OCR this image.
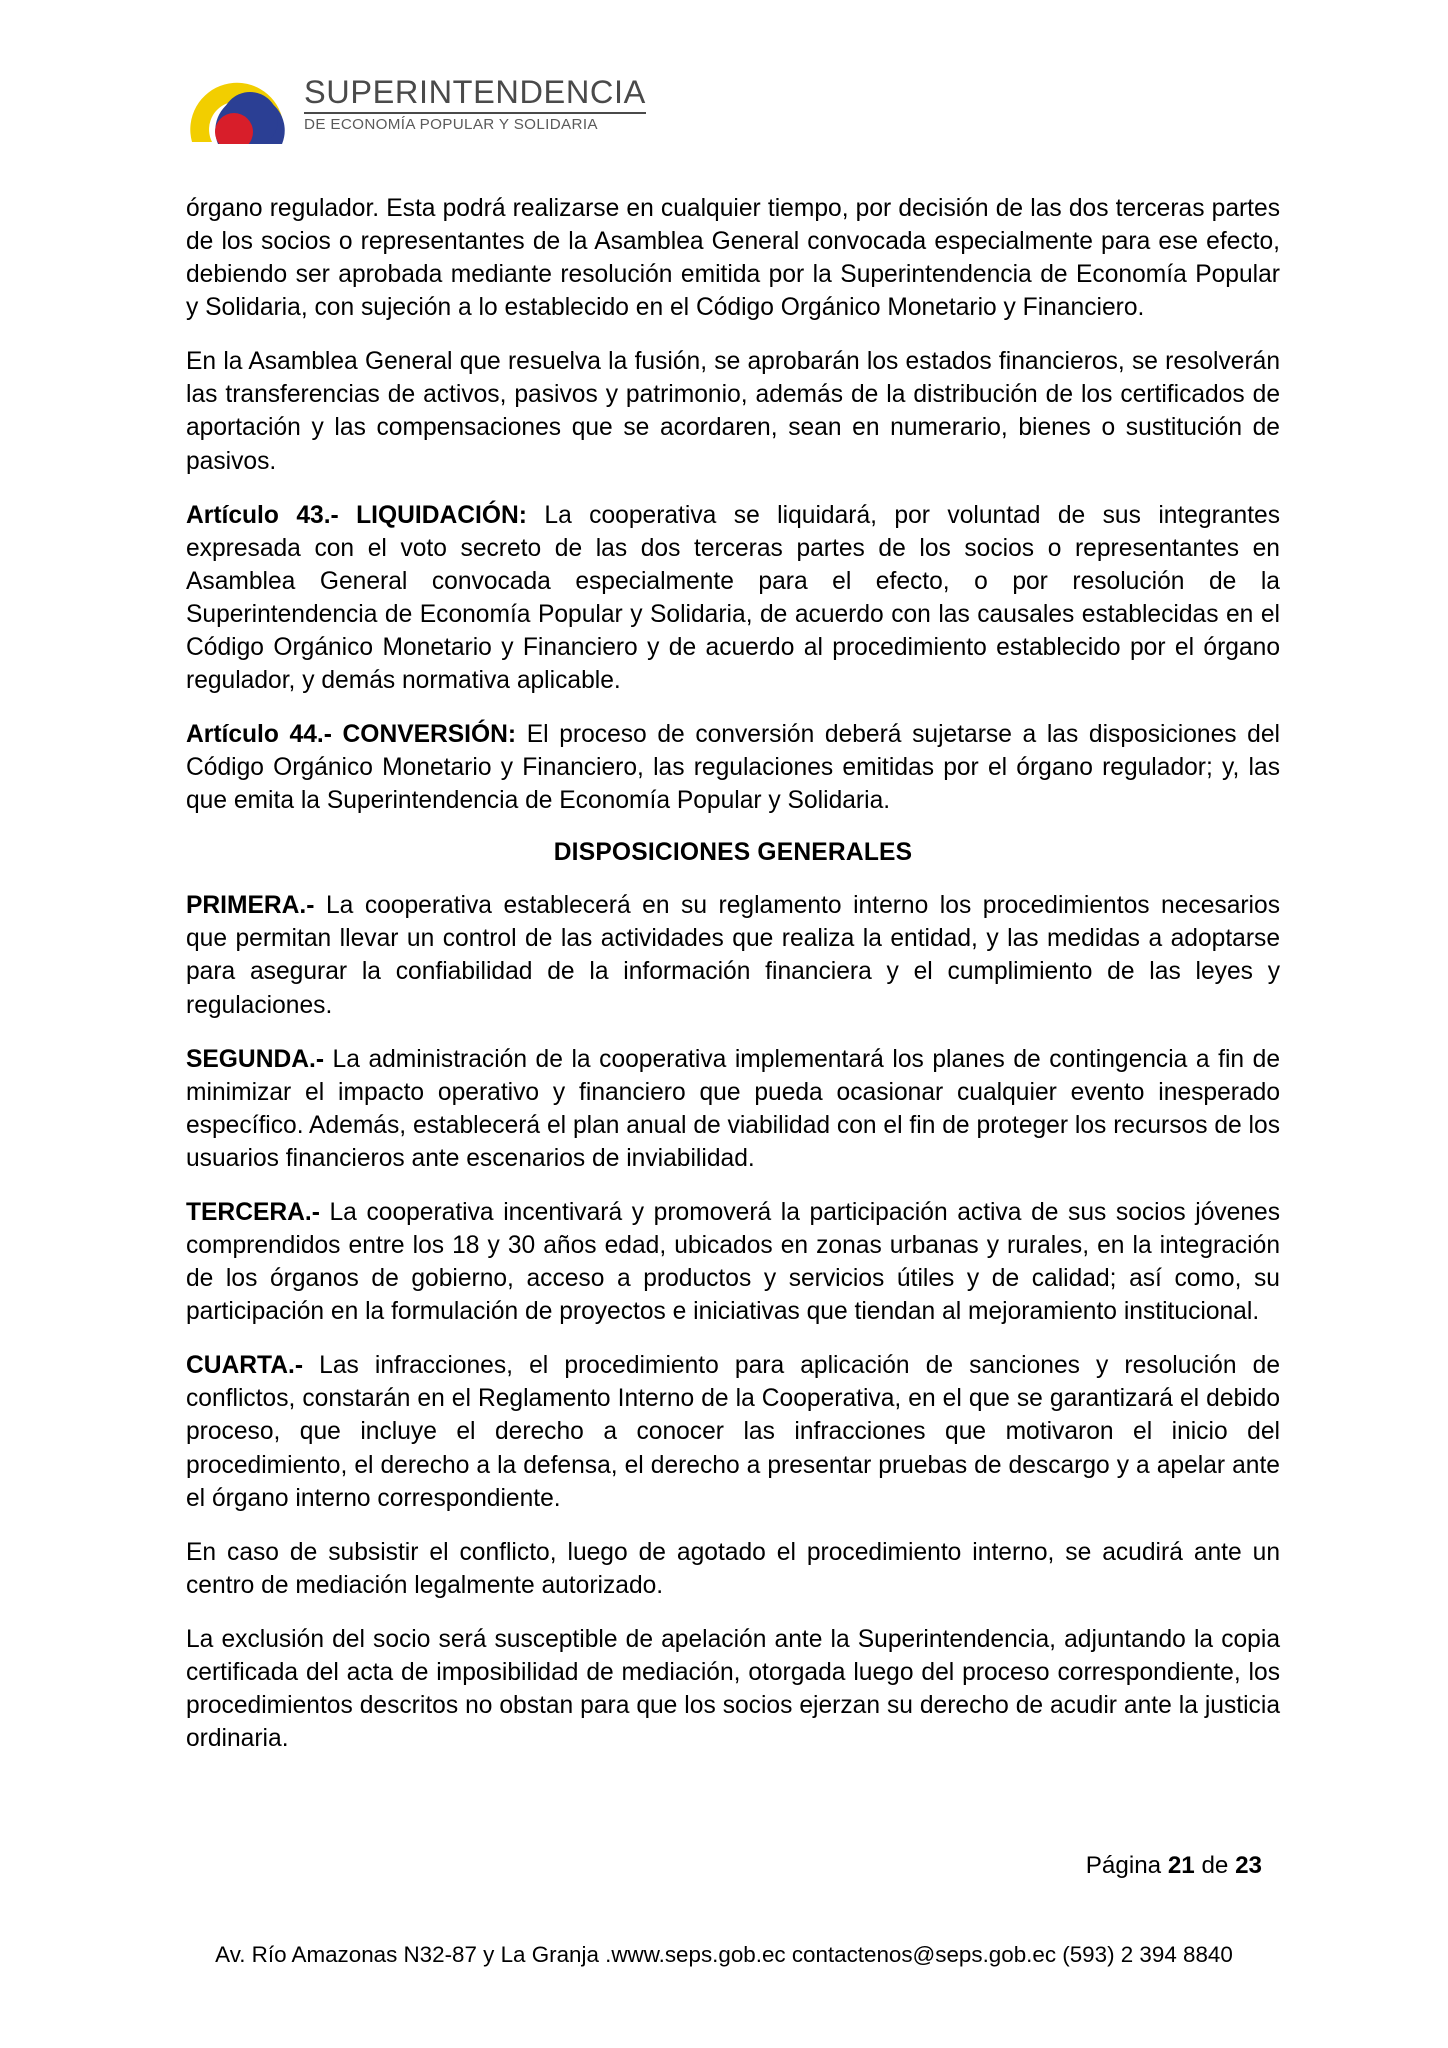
SUPERINTENDENCIA
DE ECONOMÍA POPULAR Y SOLIDARIA

órgano regulador. Esta podrá realizarse en cualquier tiempo, por decisión de las dos terceras partes de los socios o representantes de la Asamblea General convocada especialmente para ese efecto, debiendo ser aprobada mediante resolución emitida por la Superintendencia de Economía Popular y Solidaria, con sujeción a lo establecido en el Código Orgánico Monetario y Financiero.

En la Asamblea General que resuelva la fusión, se aprobarán los estados financieros, se resolverán las transferencias de activos, pasivos y patrimonio, además de la distribución de los certificados de aportación y las compensaciones que se acordaren, sean en numerario, bienes o sustitución de pasivos.

Artículo 43.- LIQUIDACIÓN: La cooperativa se liquidará, por voluntad de sus integrantes expresada con el voto secreto de las dos terceras partes de los socios o representantes en Asamblea General convocada especialmente para el efecto, o por resolución de la Superintendencia de Economía Popular y Solidaria, de acuerdo con las causales establecidas en el Código Orgánico Monetario y Financiero y de acuerdo al procedimiento establecido por el órgano regulador, y demás normativa aplicable.

Artículo 44.- CONVERSIÓN: El proceso de conversión deberá sujetarse a las disposiciones del Código Orgánico Monetario y Financiero, las regulaciones emitidas por el órgano regulador; y, las que emita la Superintendencia de Economía Popular y Solidaria.

DISPOSICIONES GENERALES

PRIMERA.- La cooperativa establecerá en su reglamento interno los procedimientos necesarios que permitan llevar un control de las actividades que realiza la entidad, y las medidas a adoptarse para asegurar la confiabilidad de la información financiera y el cumplimiento de las leyes y regulaciones.

SEGUNDA.- La administración de la cooperativa implementará los planes de contingencia a fin de minimizar el impacto operativo y financiero que pueda ocasionar cualquier evento inesperado específico. Además, establecerá el plan anual de viabilidad con el fin de proteger los recursos de los usuarios financieros ante escenarios de inviabilidad.

TERCERA.- La cooperativa incentivará y promoverá la participación activa de sus socios jóvenes comprendidos entre los 18 y 30 años edad, ubicados en zonas urbanas y rurales, en la integración de los órganos de gobierno, acceso a productos y servicios útiles y de calidad; así como, su participación en la formulación de proyectos e iniciativas que tiendan al mejoramiento institucional.

CUARTA.- Las infracciones, el procedimiento para aplicación de sanciones y resolución de conflictos, constarán en el Reglamento Interno de la Cooperativa, en el que se garantizará el debido proceso, que incluye el derecho a conocer las infracciones que motivaron el inicio del procedimiento, el derecho a la defensa, el derecho a presentar pruebas de descargo y a apelar ante el órgano interno correspondiente.

En caso de subsistir el conflicto, luego de agotado el procedimiento interno, se acudirá ante un centro de mediación legalmente autorizado.

La exclusión del socio será susceptible de apelación ante la Superintendencia, adjuntando la copia certificada del acta de imposibilidad de mediación, otorgada luego del proceso correspondiente, los procedimientos descritos no obstan para que los socios ejerzan su derecho de acudir ante la justicia ordinaria.

Página 21 de 23
Av. Río Amazonas N32-87 y La Granja .www.seps.gob.ec contactenos@seps.gob.ec (593) 2 394 8840
